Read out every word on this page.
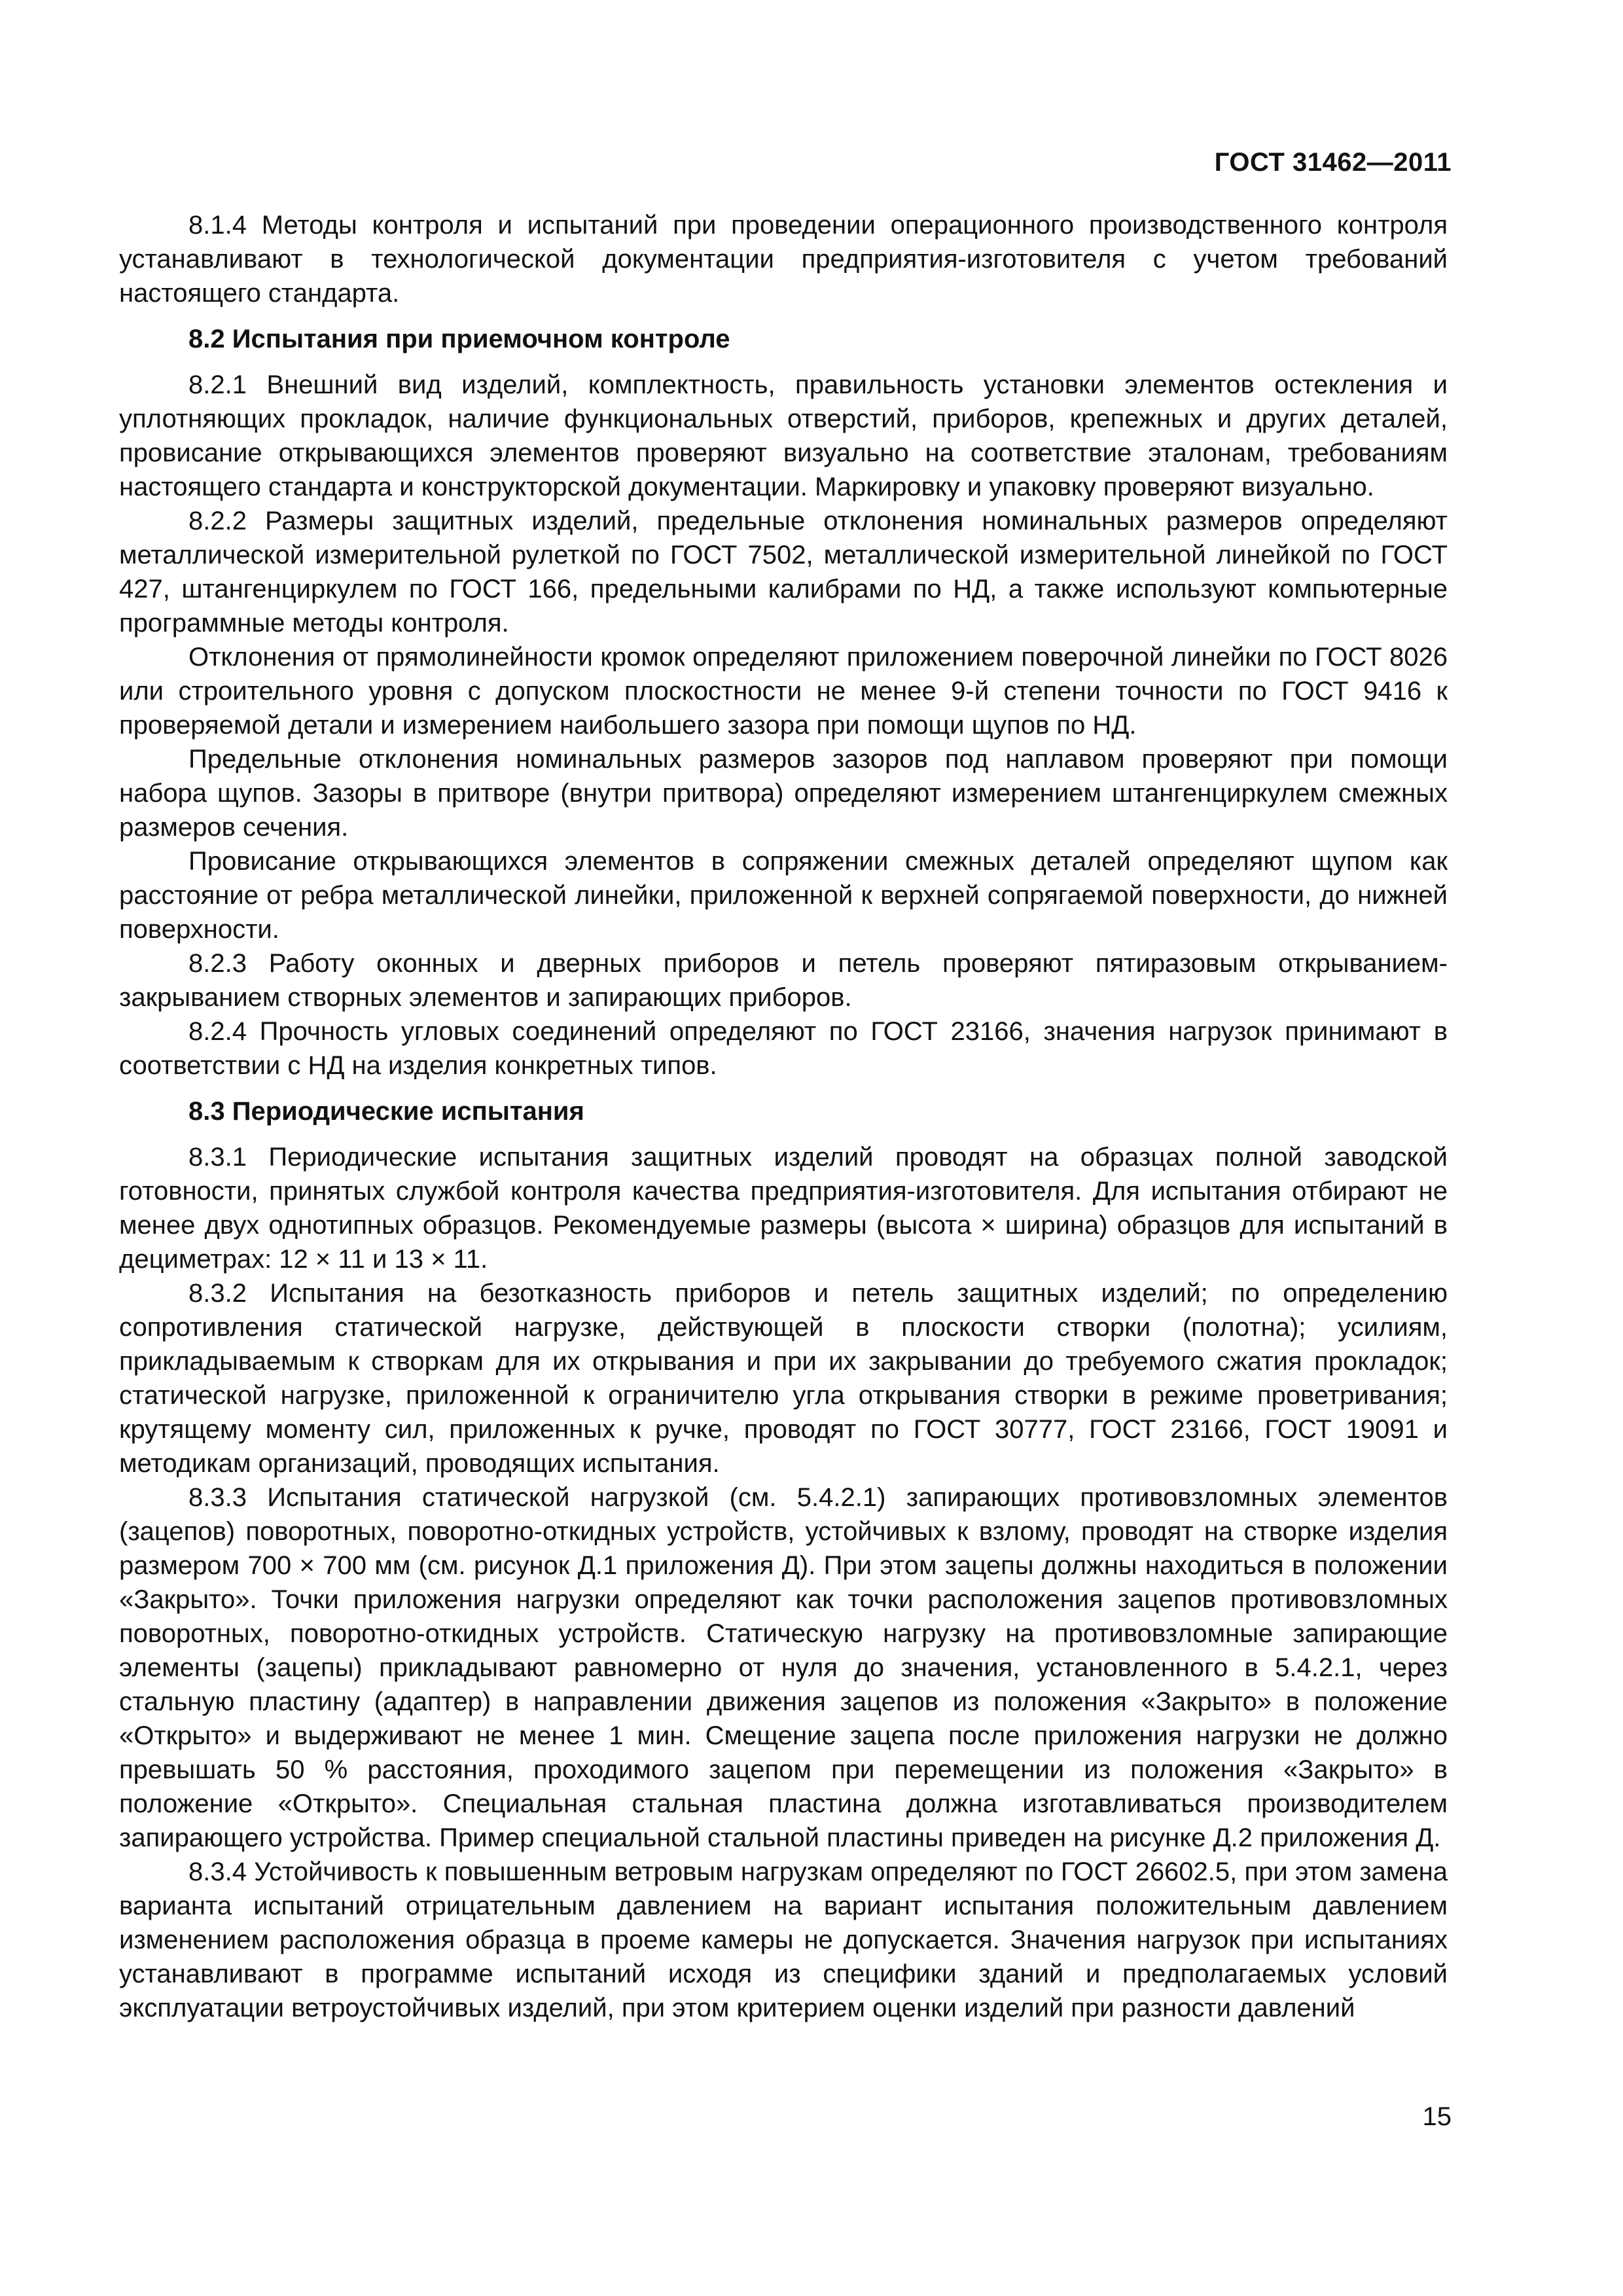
ГОСТ 31462—2011

8.1.4 Методы контроля и испытаний при проведении операционного производственного контроля устанавливают в технологической документации предприятия-изготовителя с учетом требований настоящего стандарта.

8.2 Испытания при приемочном контроле

8.2.1 Внешний вид изделий, комплектность, правильность установки элементов остекления и уплотняющих прокладок, наличие функциональных отверстий, приборов, крепежных и других деталей, провисание открывающихся элементов проверяют визуально на соответствие эталонам, требованиям настоящего стандарта и конструкторской документации. Маркировку и упаковку проверяют визуально.

8.2.2 Размеры защитных изделий, предельные отклонения номинальных размеров определяют металлической измерительной рулеткой по ГОСТ 7502, металлической измерительной линейкой по ГОСТ 427, штангенциркулем по ГОСТ 166, предельными калибрами по НД, а также используют компьютерные программные методы контроля.

Отклонения от прямолинейности кромок определяют приложением поверочной линейки по ГОСТ 8026 или строительного уровня с допуском плоскостности не менее 9-й степени точности по ГОСТ 9416 к проверяемой детали и измерением наибольшего зазора при помощи щупов по НД.

Предельные отклонения номинальных размеров зазоров под наплавом проверяют при помощи набора щупов. Зазоры в притворе (внутри притвора) определяют измерением штангенциркулем смежных размеров сечения.

Провисание открывающихся элементов в сопряжении смежных деталей определяют щупом как расстояние от ребра металлической линейки, приложенной к верхней сопрягаемой поверхности, до нижней поверхности.

8.2.3 Работу оконных и дверных приборов и петель проверяют пятиразовым открыванием-закрыванием створных элементов и запирающих приборов.

8.2.4 Прочность угловых соединений определяют по ГОСТ 23166, значения нагрузок принимают в соответствии с НД на изделия конкретных типов.

8.3 Периодические испытания

8.3.1 Периодические испытания защитных изделий проводят на образцах полной заводской готовности, принятых службой контроля качества предприятия-изготовителя. Для испытания отбирают не менее двух однотипных образцов. Рекомендуемые размеры (высота × ширина) образцов для испытаний в дециметрах: 12 × 11 и 13 × 11.

8.3.2 Испытания на безотказность приборов и петель защитных изделий; по определению сопротивления статической нагрузке, действующей в плоскости створки (полотна); усилиям, прикладываемым к створкам для их открывания и при их закрывании до требуемого сжатия прокладок; статической нагрузке, приложенной к ограничителю угла открывания створки в режиме проветривания; крутящему моменту сил, приложенных к ручке, проводят по ГОСТ 30777, ГОСТ 23166, ГОСТ 19091 и методикам организаций, проводящих испытания.

8.3.3 Испытания статической нагрузкой (см. 5.4.2.1) запирающих противовзломных элементов (зацепов) поворотных, поворотно-откидных устройств, устойчивых к взлому, проводят на створке изделия размером 700 × 700 мм (см. рисунок Д.1 приложения Д). При этом зацепы должны находиться в положении «Закрыто». Точки приложения нагрузки определяют как точки расположения зацепов противовзломных поворотных, поворотно-откидных устройств. Статическую нагрузку на противовзломные запирающие элементы (зацепы) прикладывают равномерно от нуля до значения, установленного в 5.4.2.1, через стальную пластину (адаптер) в направлении движения зацепов из положения «Закрыто» в положение «Открыто» и выдерживают не менее 1 мин. Смещение зацепа после приложения нагрузки не должно превышать 50 % расстояния, проходимого зацепом при перемещении из положения «Закрыто» в положение «Открыто». Специальная стальная пластина должна изготавливаться производителем запирающего устройства. Пример специальной стальной пластины приведен на рисунке Д.2 приложения Д.

8.3.4 Устойчивость к повышенным ветровым нагрузкам определяют по ГОСТ 26602.5, при этом замена варианта испытаний отрицательным давлением на вариант испытания положительным давлением изменением расположения образца в проеме камеры не допускается. Значения нагрузок при испытаниях устанавливают в программе испытаний исходя из специфики зданий и предполагаемых условий эксплуатации ветроустойчивых изделий, при этом критерием оценки изделий при разности давлений

15
